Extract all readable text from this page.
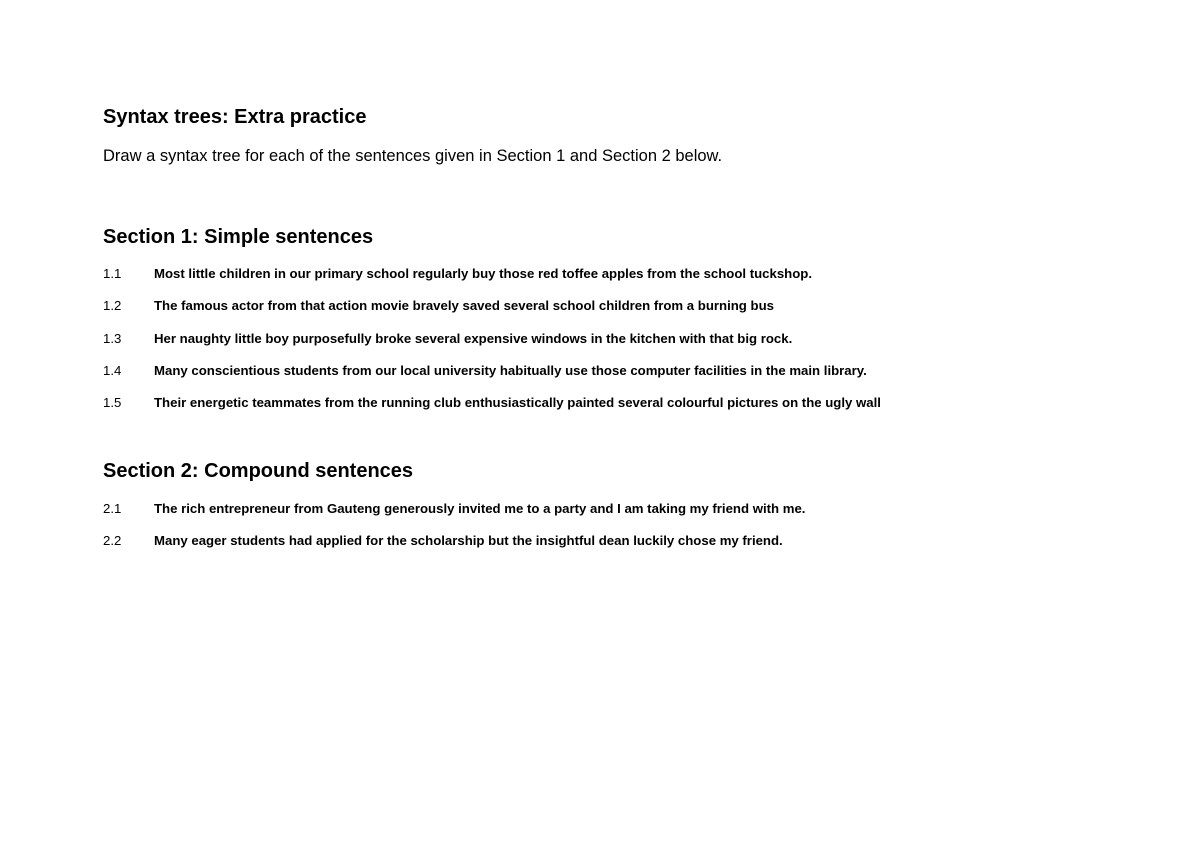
Syntax trees: Extra practice
Draw a syntax tree for each of the sentences given in Section 1 and Section 2 below.
Section 1: Simple sentences
1.1 Most little children in our primary school regularly buy those red toffee apples from the school tuckshop.
1.2 The famous actor from that action movie bravely saved several school children from a burning bus
1.3 Her naughty little boy purposefully broke several expensive windows in the kitchen with that big rock.
1.4 Many conscientious students from our local university habitually use those computer facilities in the main library.
1.5 Their energetic teammates from the running club enthusiastically painted several colourful pictures on the ugly wall
Section 2: Compound sentences
2.1 The rich entrepreneur from Gauteng generously invited me to a party and I am taking my friend with me.
2.2 Many eager students had applied for the scholarship but the insightful dean luckily chose my friend.
